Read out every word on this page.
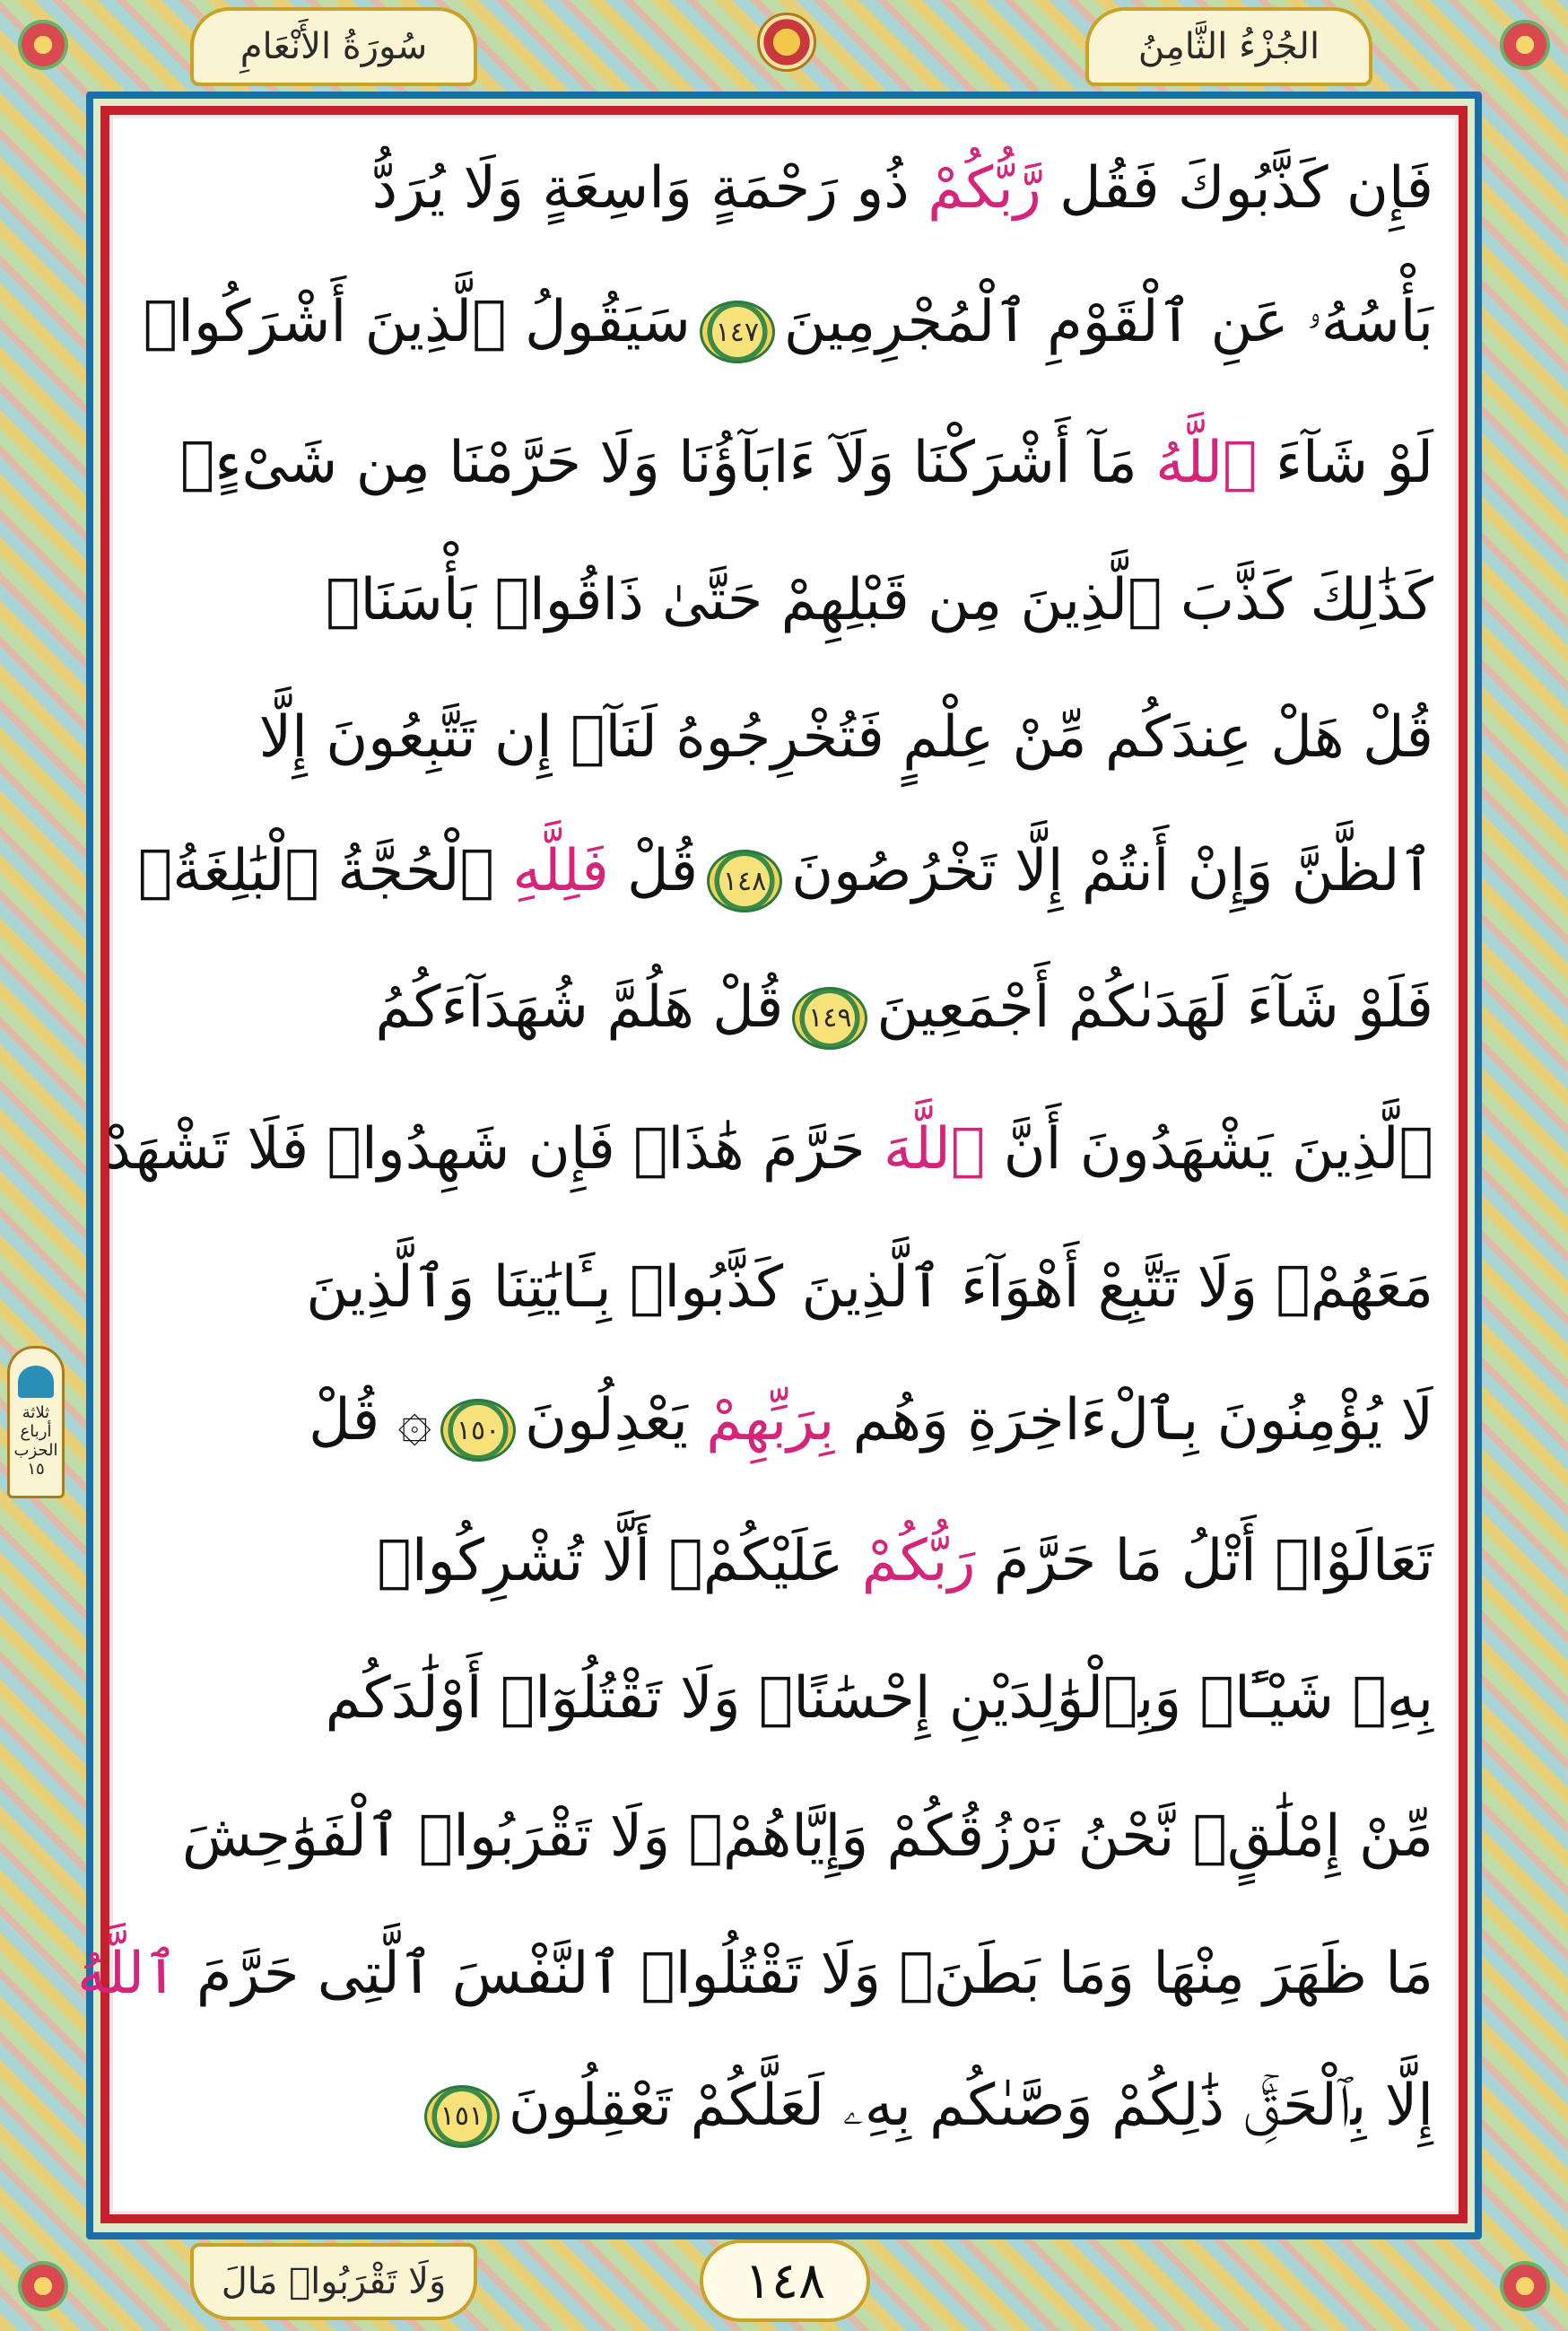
الجُزْءُ الثَّامِنُ
سُورَةُ الأَنْعَامِ
ثلاثة أرباع
الحزب
١٥
فَإِن كَذَّبُوكَ فَقُل رَّبُّكُمْ ذُو رَحْمَةٍ وَاسِعَةٍ وَلَا يُرَدُّ
بَأْسُهُۥ عَنِ ٱلْقَوْمِ ٱلْمُجْرِمِينَ١٤٧سَيَقُولُ ٱلَّذِينَ أَشْرَكُوا۟
لَوْ شَآءَ ٱللَّهُ مَآ أَشْرَكْنَا وَلَآ ءَابَآؤُنَا وَلَا حَرَّمْنَا مِن شَىْءٍۚ
كَذَٰلِكَ كَذَّبَ ٱلَّذِينَ مِن قَبْلِهِمْ حَتَّىٰ ذَاقُوا۟ بَأْسَنَاۗ
قُلْ هَلْ عِندَكُم مِّنْ عِلْمٍ فَتُخْرِجُوهُ لَنَآۖ إِن تَتَّبِعُونَ إِلَّا
ٱلظَّنَّ وَإِنْ أَنتُمْ إِلَّا تَخْرُصُونَ١٤٨قُلْ فَلِلَّهِ ٱلْحُجَّةُ ٱلْبَٰلِغَةُۖ
فَلَوْ شَآءَ لَهَدَىٰكُمْ أَجْمَعِينَ١٤٩قُلْ هَلُمَّ شُهَدَآءَكُمُ
ٱلَّذِينَ يَشْهَدُونَ أَنَّ ٱللَّهَ حَرَّمَ هَٰذَاۖ فَإِن شَهِدُوا۟ فَلَا تَشْهَدْ
مَعَهُمْۚ وَلَا تَتَّبِعْ أَهْوَآءَ ٱلَّذِينَ كَذَّبُوا۟ بِـَٔايَٰتِنَا وَٱلَّذِينَ
لَا يُؤْمِنُونَ بِٱلْءَاخِرَةِ وَهُم بِرَبِّهِمْ يَعْدِلُونَ١٥٠۞ قُلْ
تَعَالَوْا۟ أَتْلُ مَا حَرَّمَ رَبُّكُمْ عَلَيْكُمْۖ أَلَّا تُشْرِكُوا۟
بِهِۦ شَيْـًٔاۖ وَبِٱلْوَٰلِدَيْنِ إِحْسَٰنًاۖ وَلَا تَقْتُلُوٓا۟ أَوْلَٰدَكُم
مِّنْ إِمْلَٰقٍۖ نَّحْنُ نَرْزُقُكُمْ وَإِيَّاهُمْۖ وَلَا تَقْرَبُوا۟ ٱلْفَوَٰحِشَ
مَا ظَهَرَ مِنْهَا وَمَا بَطَنَۖ وَلَا تَقْتُلُوا۟ ٱلنَّفْسَ ٱلَّتِى حَرَّمَ ٱللَّهُ
إِلَّا بِٱلْحَقِّۚ ذَٰلِكُمْ وَصَّىٰكُم بِهِۦ لَعَلَّكُمْ تَعْقِلُونَ١٥١
وَلَا تَقْرَبُوا۟ مَالَ	١٤٨
